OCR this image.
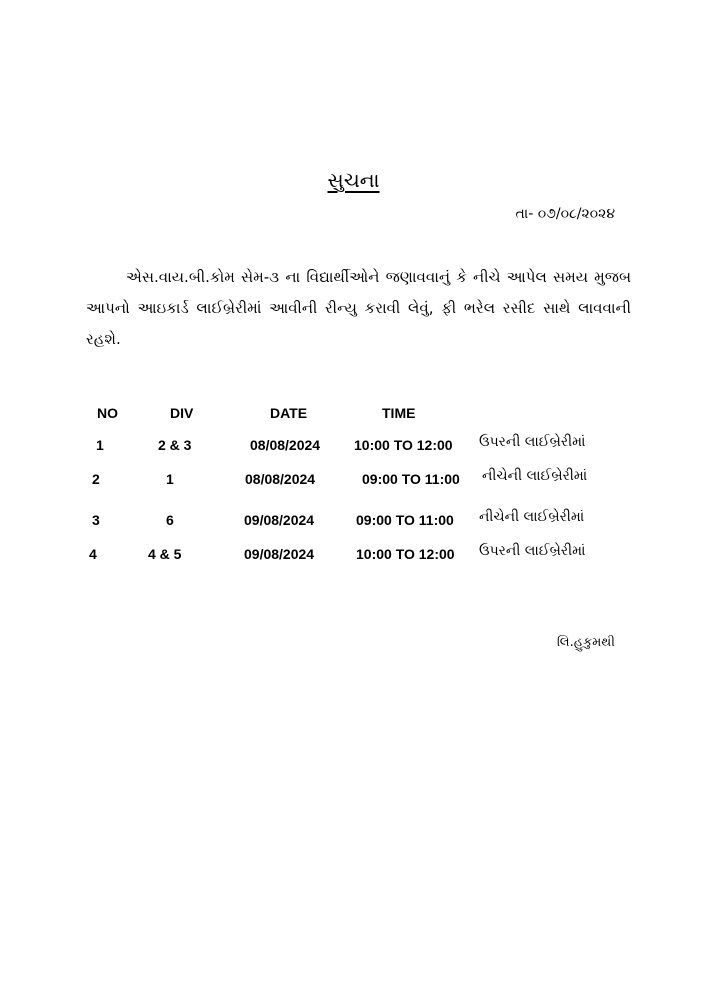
સુચના
તા- ૦૭/૦૮/૨૦૨૪

એસ.વાય.બી.કોમ સેમ-૩ ના વિદ્યાર્થીઓને જણાવવાનું કે નીચે આપેલ સમય મુજબ આપનો આઇકાર્ડ લાઈબ્રેરીમાં આવીની રીન્યુ કરાવી લેવું, ફી ભરેલ રસીદ સાથે લાવવાની રહશે.

NO	DIV	DATE	TIME
1	2 & 3	08/08/2024 10:00 TO 12:00 ઉપરની લાઈબ્રેરીમાં
2	1	08/08/2024	09:00 TO 11:00 નીચેની લાઈબ્રેરીમાં
3	6	09/08/2024	09:00 TO 11:00 નીચેની લાઈબ્રેરીમાં
4	4 & 5	09/08/2024	10:00 TO 12:00 ઉપરની લાઈબ્રેરીમાં
લિ.હુકુમથી
